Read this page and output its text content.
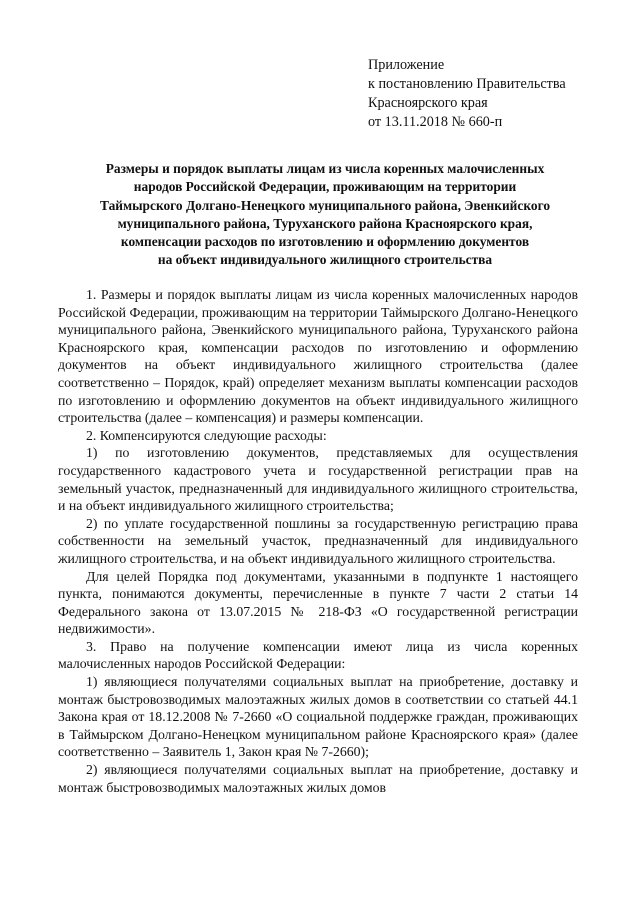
Приложение
к постановлению Правительства
Красноярского края
от 13.11.2018 № 660-п
Размеры и порядок выплаты лицам из числа коренных малочисленных
народов Российской Федерации, проживающим на территории
Таймырского Долгано-Ненецкого муниципального района, Эвенкийского
муниципального района, Туруханского района Красноярского края,
компенсации расходов по изготовлению и оформлению документов
на объект индивидуального жилищного строительства

1. Размеры и порядок выплаты лицам из числа коренных малочисленных народов Российской Федерации, проживающим на территории Таймырского Долгано-Ненецкого муниципального района, Эвенкийского муниципального района, Туруханского района Красноярского края, компенсации расходов по изготовлению и оформлению документов на объект индивидуального жилищного строительства (далее соответственно – Порядок, край) определяет механизм выплаты компенсации расходов по изготовлению и оформлению документов на объект индивидуального жилищного строительства (далее – компенсация) и размеры компенсации.

2. Компенсируются следующие расходы:

1) по изготовлению документов, представляемых для осуществления государственного кадастрового учета и государственной регистрации прав на земельный участок, предназначенный для индивидуального жилищного строительства, и на объект индивидуального жилищного строительства;

2) по уплате государственной пошлины за государственную регистрацию права собственности на земельный участок, предназначенный для индивидуального жилищного строительства, и на объект индивидуального жилищного строительства.

Для целей Порядка под документами, указанными в подпункте 1 настоящего пункта, понимаются документы, перечисленные в пункте 7 части 2 статьи 14 Федерального закона от 13.07.2015 № 218-ФЗ «О государственной регистрации недвижимости».

3. Право на получение компенсации имеют лица из числа коренных малочисленных народов Российской Федерации:

1) являющиеся получателями социальных выплат на приобретение, доставку и монтаж быстровозводимых малоэтажных жилых домов в соответствии со статьей 44.1 Закона края от 18.12.2008 № 7-2660 «О социальной поддержке граждан, проживающих в Таймырском Долгано-Ненецком муниципальном районе Красноярского края» (далее соответственно – Заявитель 1, Закон края № 7-2660);

2) являющиеся получателями социальных выплат на приобретение, доставку и монтаж быстровозводимых малоэтажных жилых домов
